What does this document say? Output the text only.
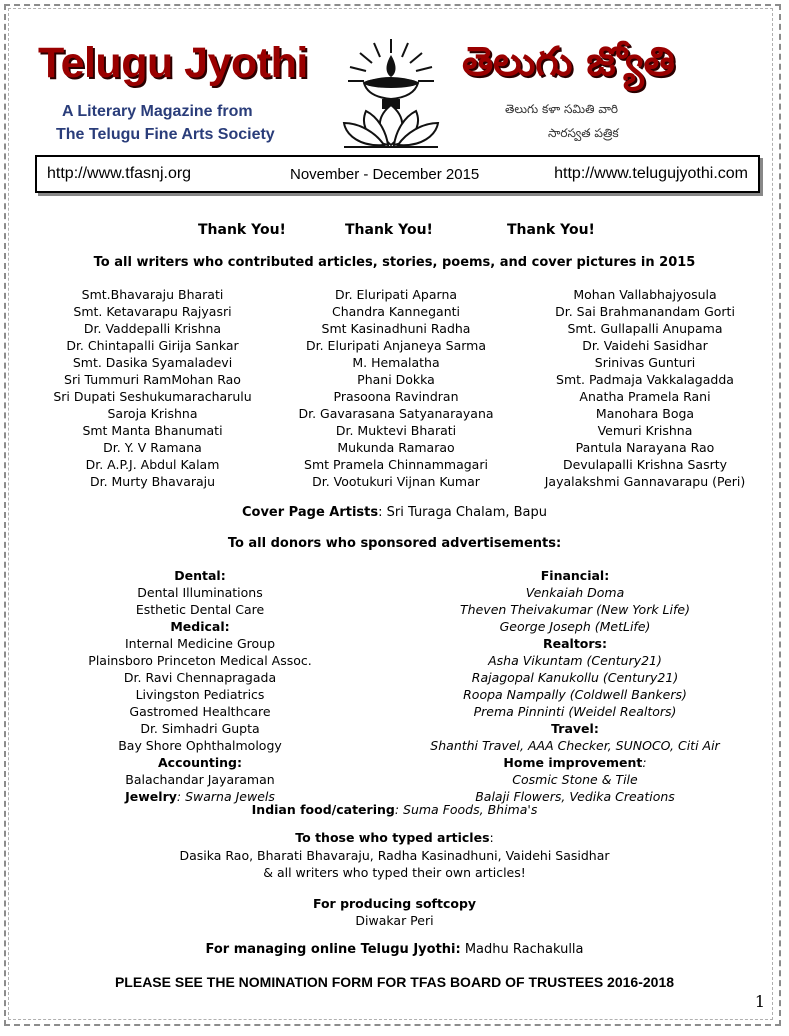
Telugu Jyothi
A Literary Magazine from
The Telugu Fine Arts Society
తెలుగు జ్యోతి
తెలుగు కళా సమితి వారి
సారస్వత పత్రిక
http://www.tfasnj.org	November - December 2015	http://www.telugujyothi.com
Thank You!	Thank You!	Thank You!
To all writers who contributed articles, stories, poems, and cover pictures in 2015
Smt.Bhavaraju Bharati
Smt. Ketavarapu Rajyasri
Dr. Vaddepalli Krishna
Dr. Chintapalli Girija Sankar
Smt. Dasika Syamaladevi
Sri Tummuri RamMohan Rao
Sri Dupati Seshukumaracharulu
Saroja Krishna
Smt Manta Bhanumati
Dr. Y. V Ramana
Dr. A.P.J. Abdul Kalam
Dr. Murty Bhavaraju
Dr. Eluripati Aparna
Chandra Kanneganti
Smt Kasinadhuni Radha
Dr. Eluripati Anjaneya Sarma
M. Hemalatha
Phani Dokka
Prasoona Ravindran
Dr. Gavarasana Satyanarayana
Dr. Muktevi Bharati
Mukunda Ramarao
Smt Pramela Chinnammagari
Dr. Vootukuri Vijnan Kumar
Mohan Vallabhajyosula
Dr. Sai Brahmanandam Gorti
Smt. Gullapalli Anupama
Dr. Vaidehi Sasidhar
Srinivas Gunturi
Smt. Padmaja Vakkalagadda
Anatha Pramela Rani
Manohara Boga
Vemuri Krishna
Pantula Narayana Rao
Devulapalli Krishna Sasrty
Jayalakshmi Gannavarapu (Peri)
Cover Page Artists: Sri Turaga Chalam, Bapu
To all donors who sponsored advertisements:
Dental:
Dental Illuminations
Esthetic Dental Care
Medical:
Internal Medicine Group
Plainsboro Princeton Medical Assoc.
Dr. Ravi Chennapragada
Livingston Pediatrics
Gastromed Healthcare
Dr. Simhadri Gupta
Bay Shore Ophthalmology
Accounting:
Balachandar Jayaraman
Jewelry: Swarna Jewels
Financial:
Venkaiah Doma
Theven Theivakumar (New York Life)
George Joseph (MetLife)
Realtors:
Asha Vikuntam (Century21)
Rajagopal Kanukollu (Century21)
Roopa Nampally (Coldwell Bankers)
Prema Pinninti (Weidel Realtors)
Travel:
Shanthi Travel, AAA Checker, SUNOCO, Citi Air
Home improvement:
Cosmic Stone & Tile
Balaji Flowers, Vedika Creations
Indian food/catering: Suma Foods, Bhima's
To those who typed articles:
Dasika Rao, Bharati Bhavaraju, Radha Kasinadhuni, Vaidehi Sasidhar
& all writers who typed their own articles!
For producing softcopy
Diwakar Peri
For managing online Telugu Jyothi: Madhu Rachakulla
PLEASE SEE THE NOMINATION FORM FOR TFAS BOARD OF TRUSTEES 2016-2018
1
